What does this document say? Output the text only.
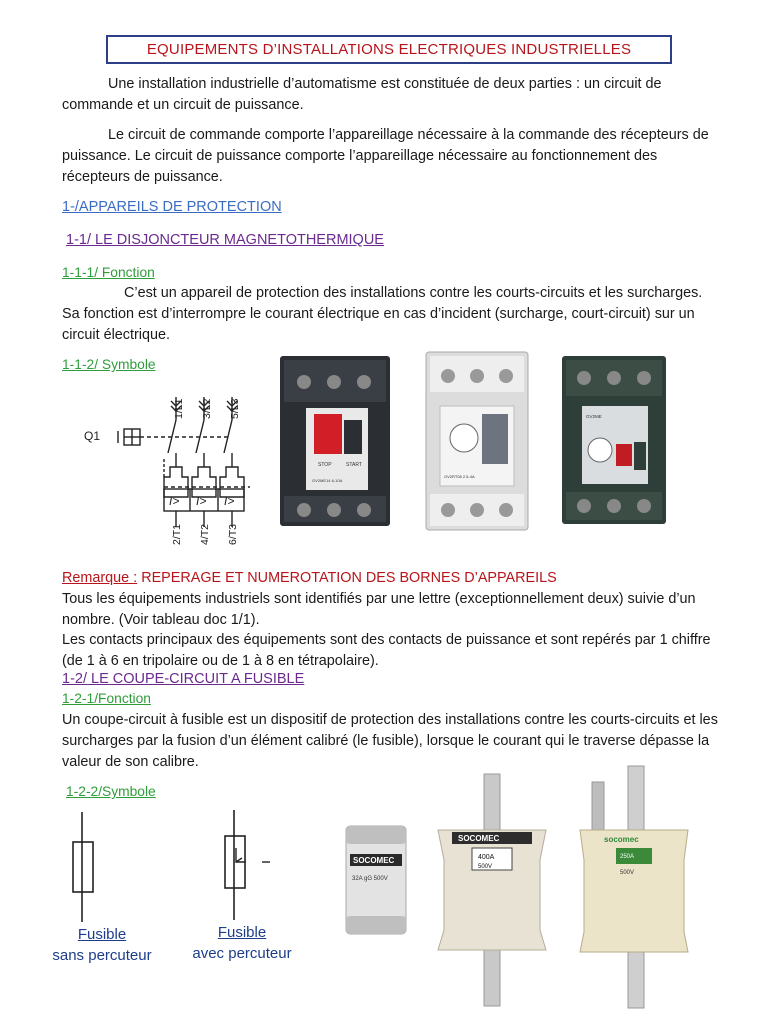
EQUIPEMENTS D’INSTALLATIONS ELECTRIQUES INDUSTRIELLES
Une installation industrielle d’automatisme est constituée de deux parties : un circuit de commande et un circuit de puissance.
Le circuit de commande comporte l’appareillage nécessaire à la commande des récepteurs de puissance. Le circuit de puissance comporte l’appareillage nécessaire au fonctionnement des récepteurs de puissance.
1-/APPAREILS DE PROTECTION
1-1/ LE DISJONCTEUR MAGNETOTHERMIQUE
1-1-1/ Fonction
C’est un appareil de protection des installations contre les courts-circuits et les surcharges. Sa fonction est d’interrompre le courant électrique en cas d’incident (surcharge, court-circuit) sur un circuit électrique.
1-1-2/ Symbole
Q1
1/L1 3/L2 5/L3
I> I> I>
2/T1 4/T2 6/T3
STOP	START
GV2ME14 6-10A
GV2RT08 2.5-4A
GV2ME
Remarque : REPERAGE ET NUMEROTATION DES BORNES D’APPAREILS
Tous les équipements industriels sont identifiés par une lettre (exceptionnellement deux) suivie d’un nombre. (Voir tableau doc 1/1).
Les contacts principaux des équipements sont des contacts de puissance et sont repérés par 1 chiffre (de 1 à 6 en tripolaire ou de 1 à 8 en tétrapolaire).
1-2/ LE COUPE-CIRCUIT A FUSIBLE
1-2-1/Fonction
Un coupe-circuit à fusible est un dispositif de protection des installations contre les courts-circuits et les surcharges par la fusion d’un élément calibré (le fusible), lorsque le courant qui le traverse dépasse la valeur de son calibre.
1-2-2/Symbole
Fusible
sans percuteur
Fusible
avec percuteur
SOCOMEC
32A gG 500V
SOCOMEC
400A
500V
socomec
250A
500V
